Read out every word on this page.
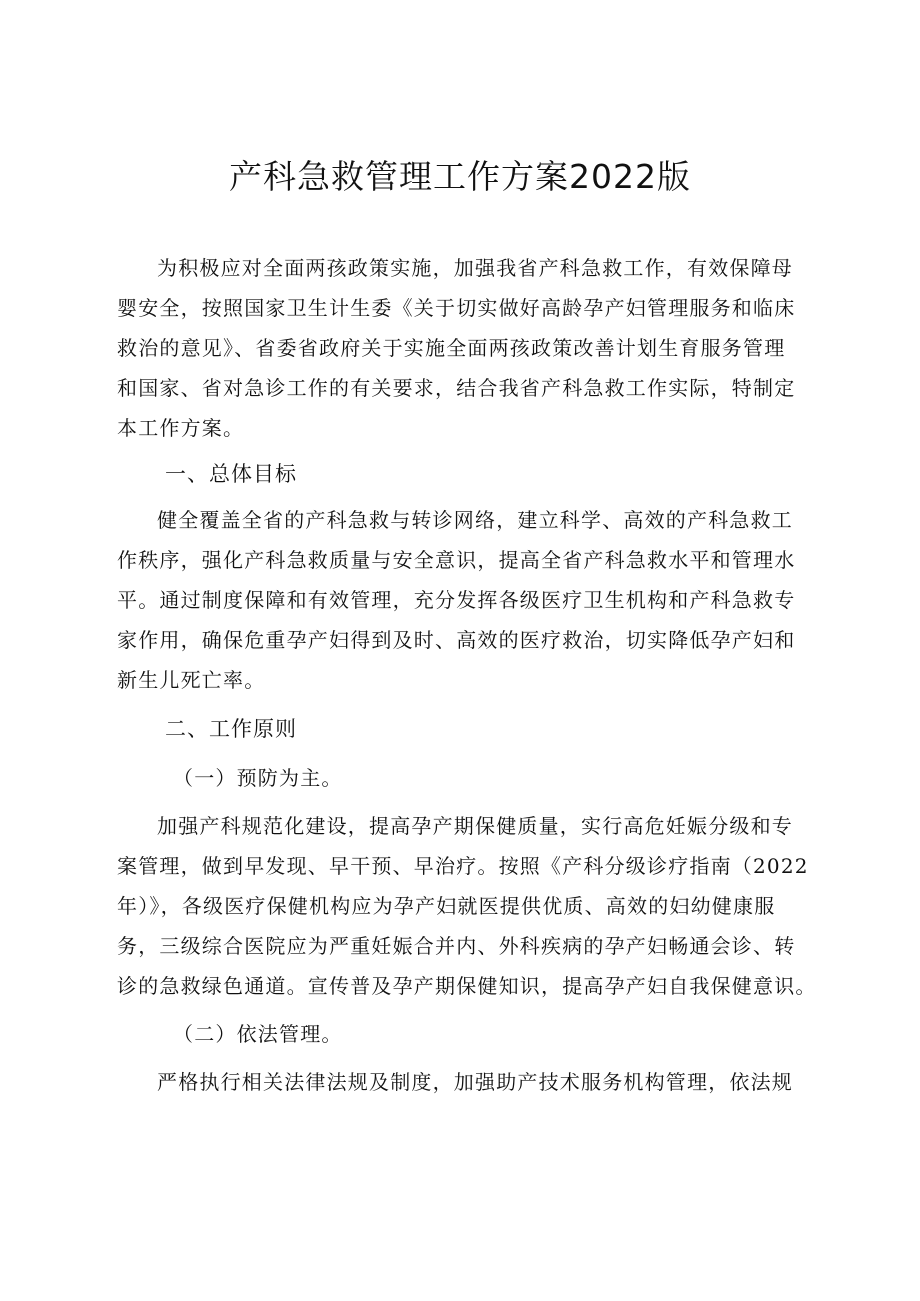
产科急救管理工作方案2022版

为积极应对全面两孩政策实施，加强我省产科急救工作，有效保障母
婴安全，按照国家卫生计生委《关于切实做好高龄孕产妇管理服务和临床
救治的意见》、省委省政府关于实施全面两孩政策改善计划生育服务管理
和国家、省对急诊工作的有关要求，结合我省产科急救工作实际，特制定
本工作方案。

一、总体目标

健全覆盖全省的产科急救与转诊网络，建立科学、高效的产科急救工
作秩序，强化产科急救质量与安全意识，提高全省产科急救水平和管理水
平。通过制度保障和有效管理，充分发挥各级医疗卫生机构和产科急救专
家作用，确保危重孕产妇得到及时、高效的医疗救治，切实降低孕产妇和
新生儿死亡率。

二、工作原则
（一）预防为主。

加强产科规范化建设，提高孕产期保健质量，实行高危妊娠分级和专
案管理，做到早发现、早干预、早治疗。按照《产科分级诊疗指南（2022
年）》，各级医疗保健机构应为孕产妇就医提供优质、高效的妇幼健康服
务，三级综合医院应为严重妊娠合并内、外科疾病的孕产妇畅通会诊、转
诊的急救绿色通道。宣传普及孕产期保健知识，提高孕产妇自我保健意识。

（二）依法管理。

严格执行相关法律法规及制度，加强助产技术服务机构管理，依法规
